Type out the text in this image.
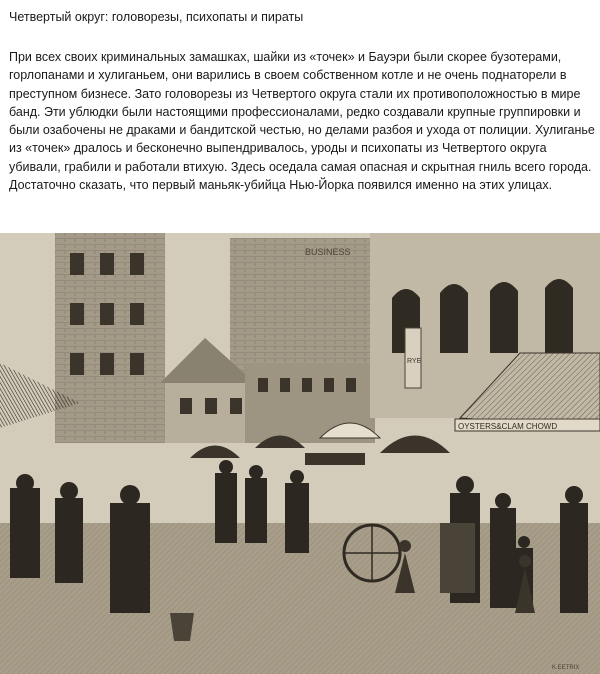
Четвертый округ: головорезы, психопаты и пираты

При всех своих криминальных замашках, шайки из «точек» и Бауэри были скорее бузотерами, горлопанами и хулиганьем, они варились в своем собственном котле и не очень поднаторели в преступном бизнесе. Зато головорезы из Четвертого округа стали их противоположностью в мире банд. Эти ублюдки были настоящими профессионалами, редко создавали крупные группировки и были озабочены не драками и бандитской честью, но делами разбоя и ухода от полиции. Хулиганье из «точек» дралось и бесконечно выпендривалось, уроды и психопаты из Четвертого округа убивали, грабили и работали втихую. Здесь оседала самая опасная и скрытная гниль всего города. Достаточно сказать, что первый маньяк-убийца Нью-Йорка появился именно на этих улицах.

BUSINESS
RYE
OYSTERS&CLAM CHOWD
K.EETRIX
